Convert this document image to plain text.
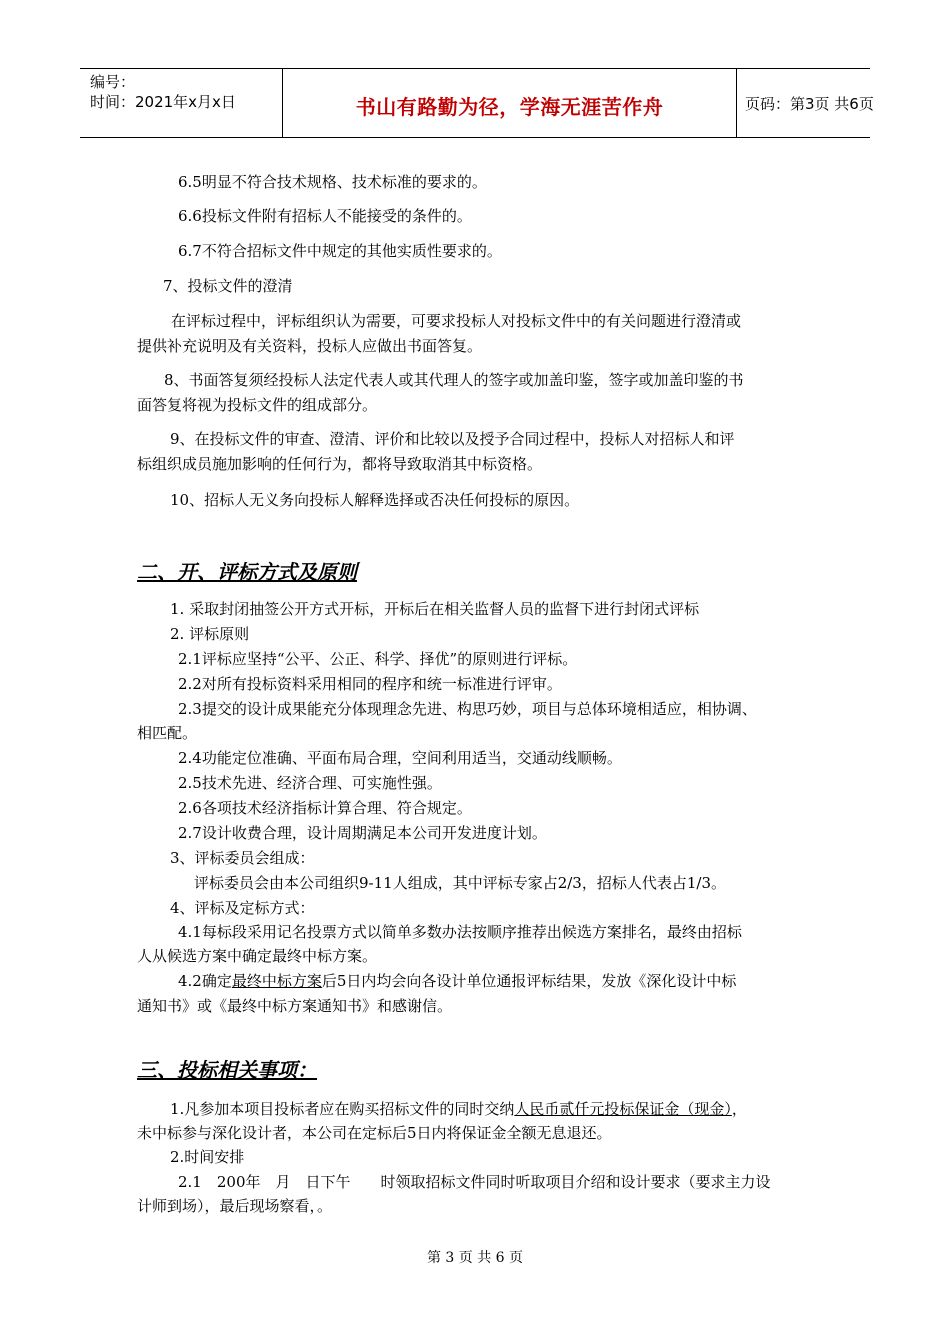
编号：
时间：2021年x月x日	书山有路勤为径，学海无涯苦作舟	页码：第3页 共6页
6.5明显不符合技术规格、技术标准的要求的。
6.6投标文件附有招标人不能接受的条件的。
6.7不符合招标文件中规定的其他实质性要求的。
7、投标文件的澄清
在评标过程中，评标组织认为需要，可要求投标人对投标文件中的有关问题进行澄清或
提供补充说明及有关资料，投标人应做出书面答复。
8、书面答复须经投标人法定代表人或其代理人的签字或加盖印鉴，签字或加盖印鉴的书
面答复将视为投标文件的组成部分。
9、在投标文件的审查、澄清、评价和比较以及授予合同过程中，投标人对招标人和评
标组织成员施加影响的任何行为，都将导致取消其中标资格。
10、招标人无义务向投标人解释选择或否决任何投标的原因。
二、开、评标方式及原则
1. 采取封闭抽签公开方式开标，开标后在相关监督人员的监督下进行封闭式评标
2. 评标原则
2.1评标应坚持“公平、公正、科学、择优”的原则进行评标。
2.2对所有投标资料采用相同的程序和统一标准进行评审。
2.3提交的设计成果能充分体现理念先进、构思巧妙，项目与总体环境相适应，相协调、
相匹配。
2.4功能定位准确、平面布局合理，空间利用适当，交通动线顺畅。
2.5技术先进、经济合理、可实施性强。
2.6各项技术经济指标计算合理、符合规定。
2.7设计收费合理，设计周期满足本公司开发进度计划。
3、评标委员会组成：
评标委员会由本公司组织9-11人组成，其中评标专家占2/3，招标人代表占1/3。
4、评标及定标方式：
4.1每标段采用记名投票方式以简单多数办法按顺序推荐出候选方案排名，最终由招标
人从候选方案中确定最终中标方案。
4.2确定最终中标方案后5日内均会向各设计单位通报评标结果，发放《深化设计中标
通知书》或《最终中标方案通知书》和感谢信。
三、投标相关事项：
1.凡参加本项目投标者应在购买招标文件的同时交纳人民币贰仟元投标保证金（现金），
未中标参与深化设计者，本公司在定标后5日内将保证金全额无息退还。
2.时间安排
2.1　200年　月　日下午　　时领取招标文件同时听取项目介绍和设计要求（要求主力设
计师到场），最后现场察看，。
第 3 页 共 6 页
